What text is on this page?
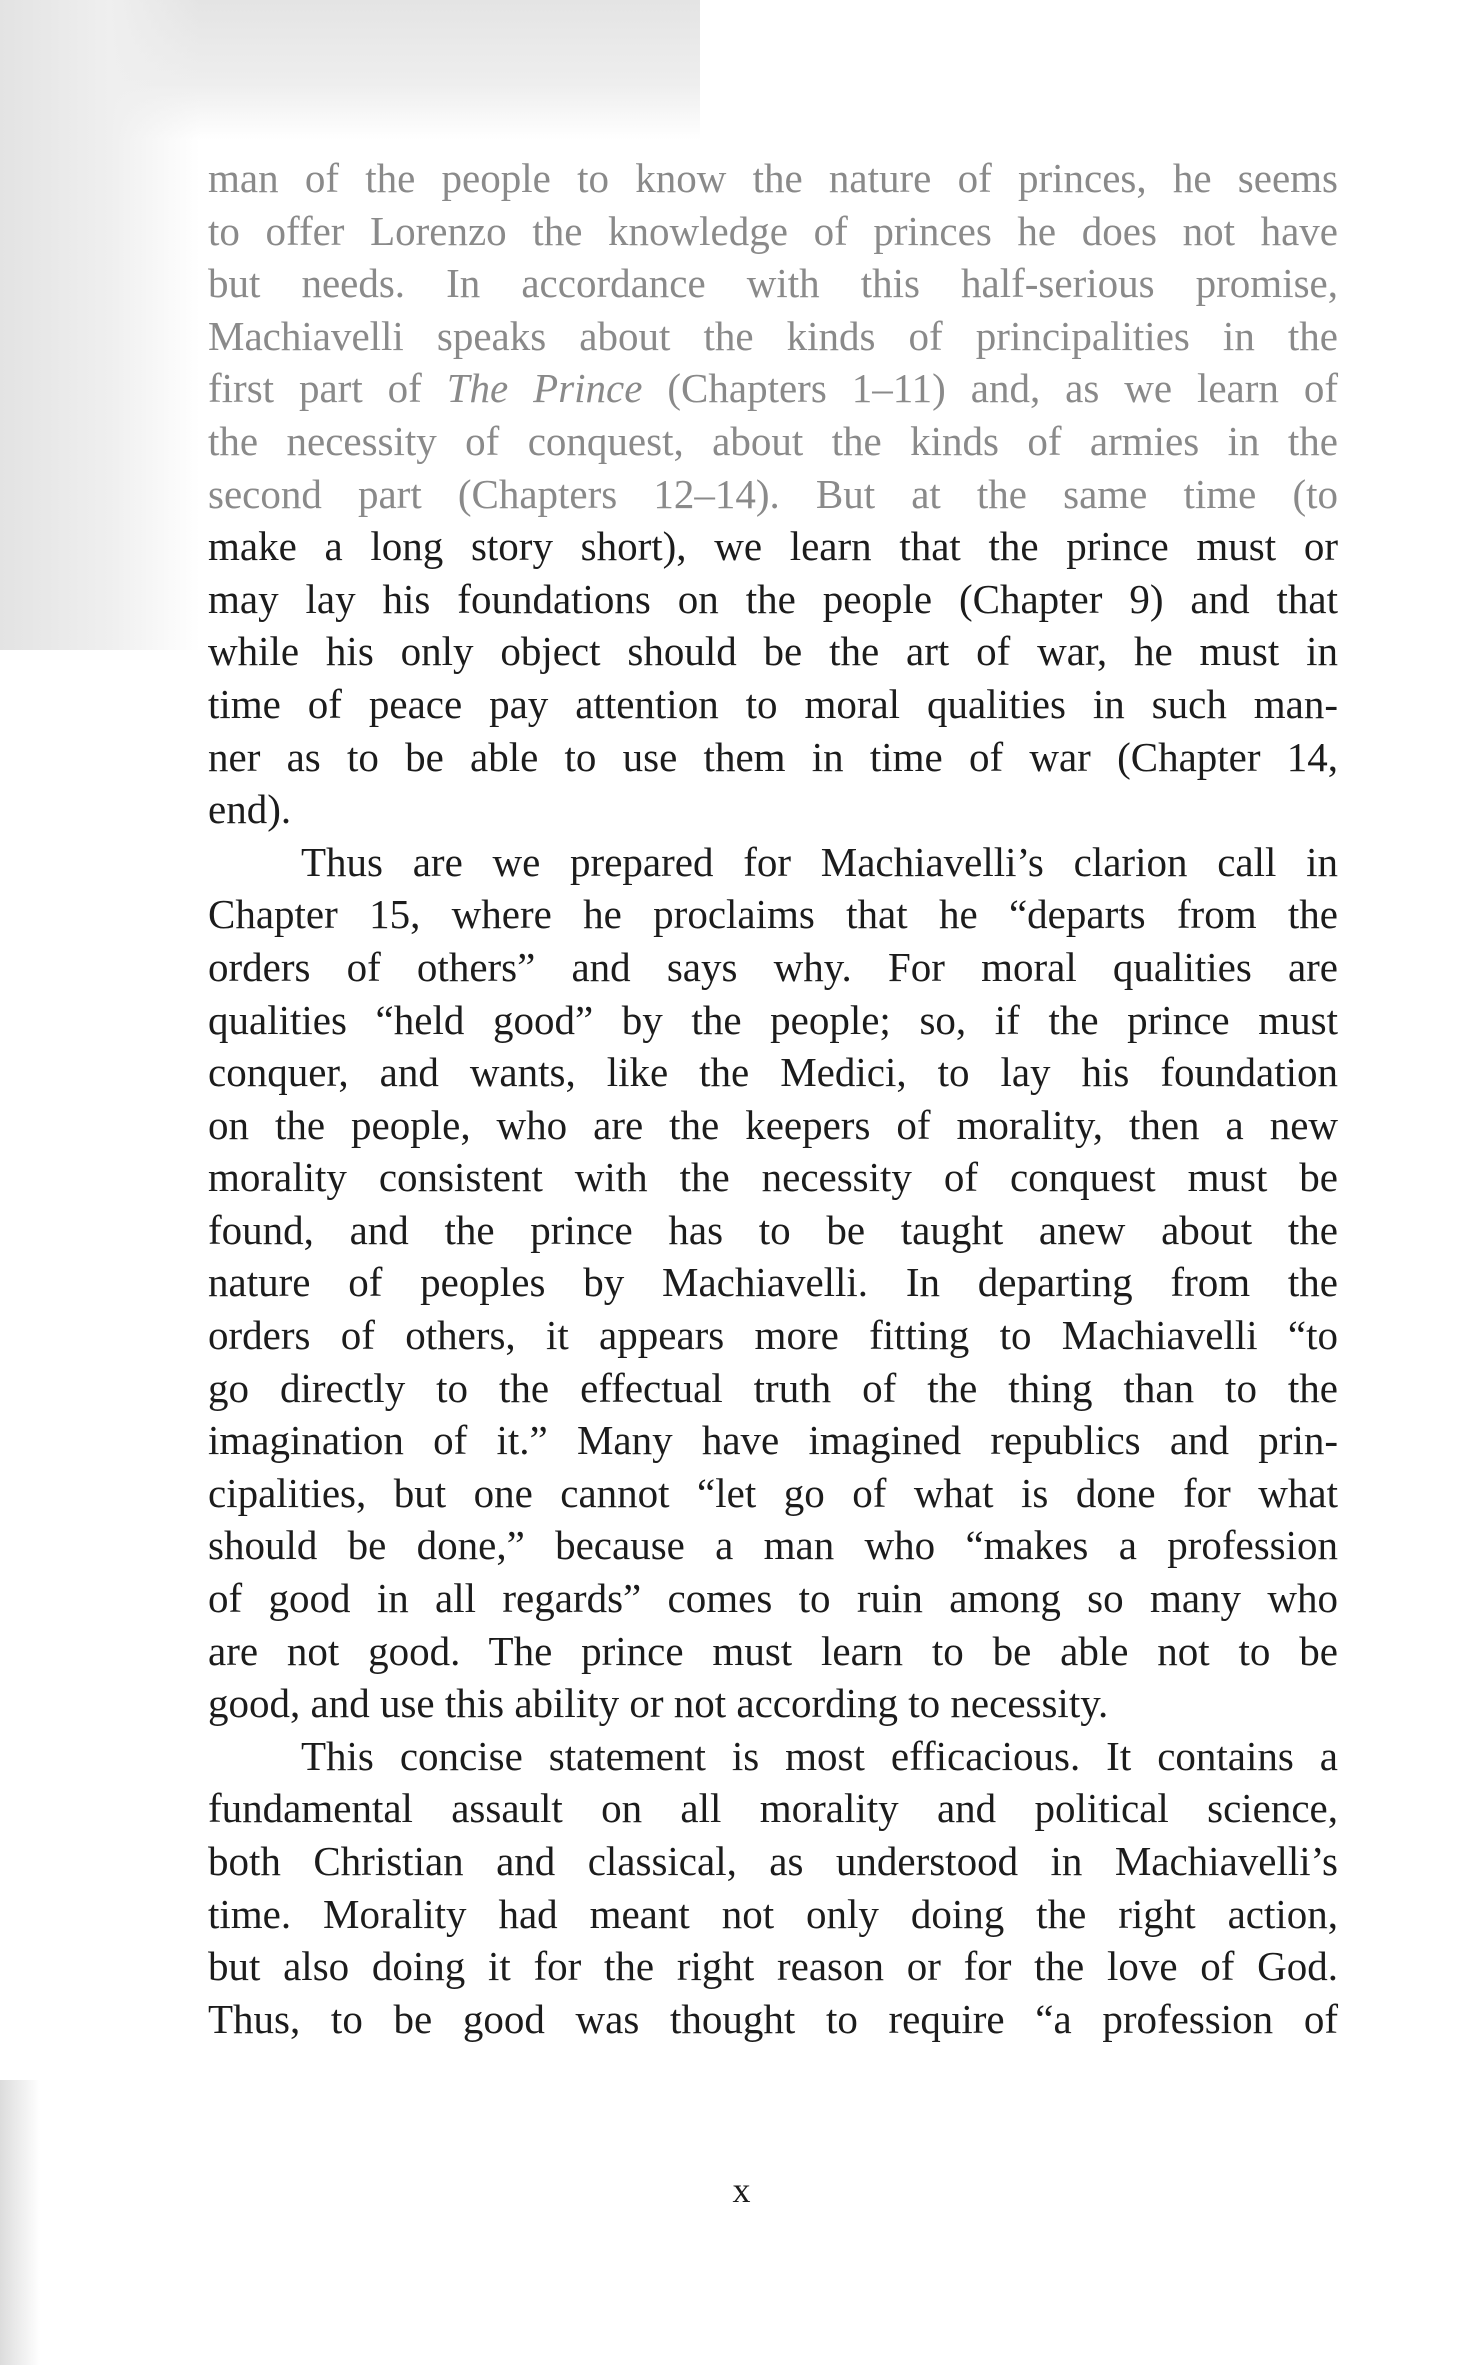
man of the people to know the nature of princes, he seems
to offer Lorenzo the knowledge of princes he does not have
but needs. In accordance with this half-serious promise,
Machiavelli speaks about the kinds of principalities in the
first part of The Prince (Chapters 1–11) and, as we learn of
the necessity of conquest, about the kinds of armies in the
second part (Chapters 12–14). But at the same time (to
make a long story short), we learn that the prince must or
may lay his foundations on the people (Chapter 9) and that
while his only object should be the art of war, he must in
time of peace pay attention to moral qualities in such man-
ner as to be able to use them in time of war (Chapter 14,
end).
Thus are we prepared for Machiavelli’s clarion call in
Chapter 15, where he proclaims that he “departs from the
orders of others” and says why. For moral qualities are
qualities “held good” by the people; so, if the prince must
conquer, and wants, like the Medici, to lay his foundation
on the people, who are the keepers of morality, then a new
morality consistent with the necessity of conquest must be
found, and the prince has to be taught anew about the
nature of peoples by Machiavelli. In departing from the
orders of others, it appears more fitting to Machiavelli “to
go directly to the effectual truth of the thing than to the
imagination of it.” Many have imagined republics and prin-
cipalities, but one cannot “let go of what is done for what
should be done,” because a man who “makes a profession
of good in all regards” comes to ruin among so many who
are not good. The prince must learn to be able not to be
good, and use this ability or not according to necessity.
This concise statement is most efficacious. It contains a
fundamental assault on all morality and political science,
both Christian and classical, as understood in Machiavelli’s
time. Morality had meant not only doing the right action,
but also doing it for the right reason or for the love of God.
Thus, to be good was thought to require “a profession of
x
